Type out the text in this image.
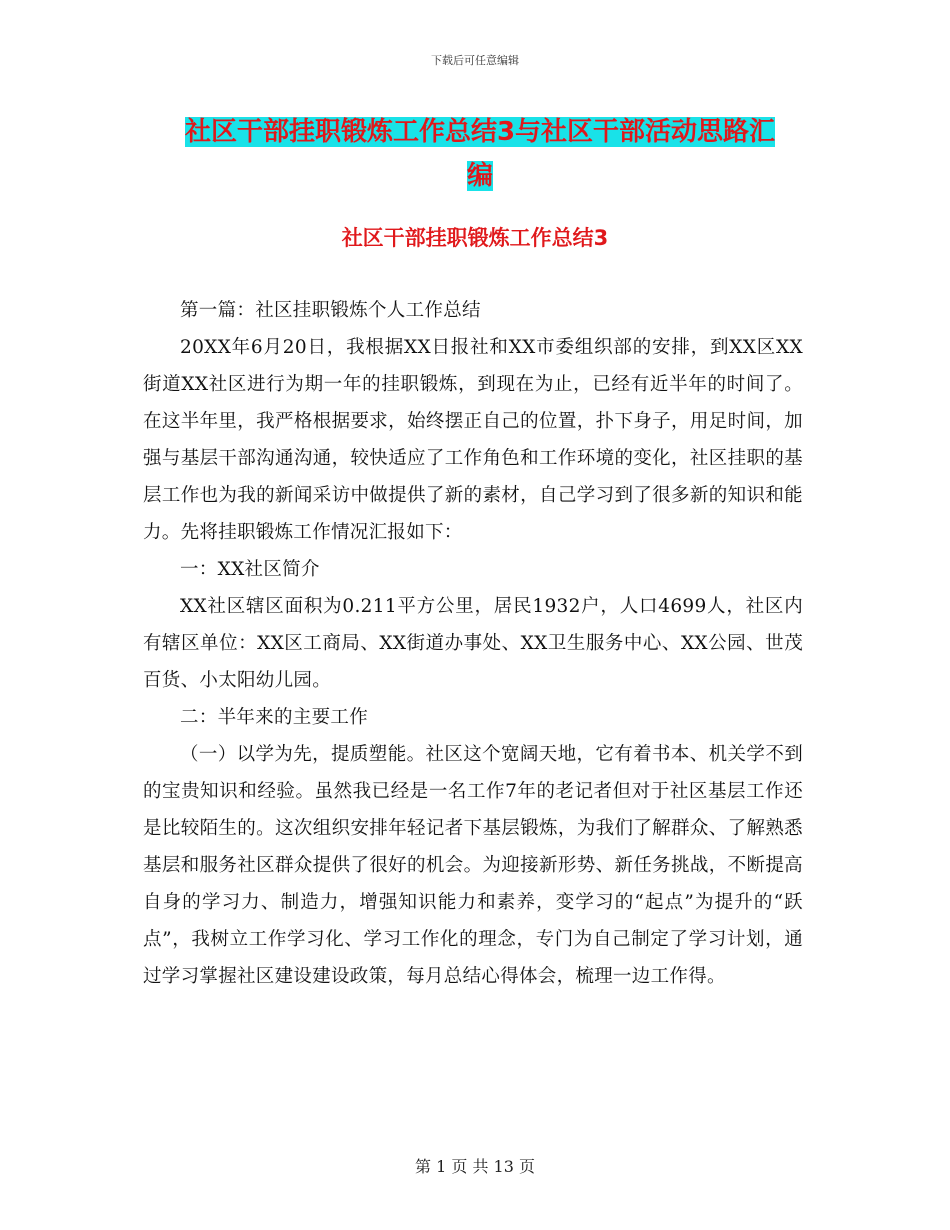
下载后可任意编辑
社区干部挂职锻炼工作总结3与社区干部活动思路汇
编
社区干部挂职锻炼工作总结3

第一篇：社区挂职锻炼个人工作总结

20XX年6月20日，我根据XX日报社和XX市委组织部的安排，到XX区XX街道XX社区进行为期一年的挂职锻炼，到现在为止，已经有近半年的时间了。在这半年里，我严格根据要求，始终摆正自己的位置，扑下身子，用足时间，加强与基层干部沟通沟通，较快适应了工作角色和工作环境的变化，社区挂职的基层工作也为我的新闻采访中做提供了新的素材，自己学习到了很多新的知识和能力。先将挂职锻炼工作情况汇报如下：

一：XX社区简介

XX社区辖区面积为0.211平方公里，居民1932户，人口4699人，社区内有辖区单位：XX区工商局、XX街道办事处、XX卫生服务中心、XX公园、世茂百货、小太阳幼儿园。

二：半年来的主要工作

（一）以学为先，提质塑能。社区这个宽阔天地，它有着书本、机关学不到的宝贵知识和经验。虽然我已经是一名工作7年的老记者但对于社区基层工作还是比较陌生的。这次组织安排年轻记者下基层锻炼，为我们了解群众、了解熟悉基层和服务社区群众提供了很好的机会。为迎接新形势、新任务挑战，不断提高自身的学习力、制造力，增强知识能力和素养，变学习的“起点”为提升的“跃点”，我树立工作学习化、学习工作化的理念，专门为自己制定了学习计划，通过学习掌握社区建设建设政策，每月总结心得体会，梳理一边工作得。

第 1 页 共 13 页
